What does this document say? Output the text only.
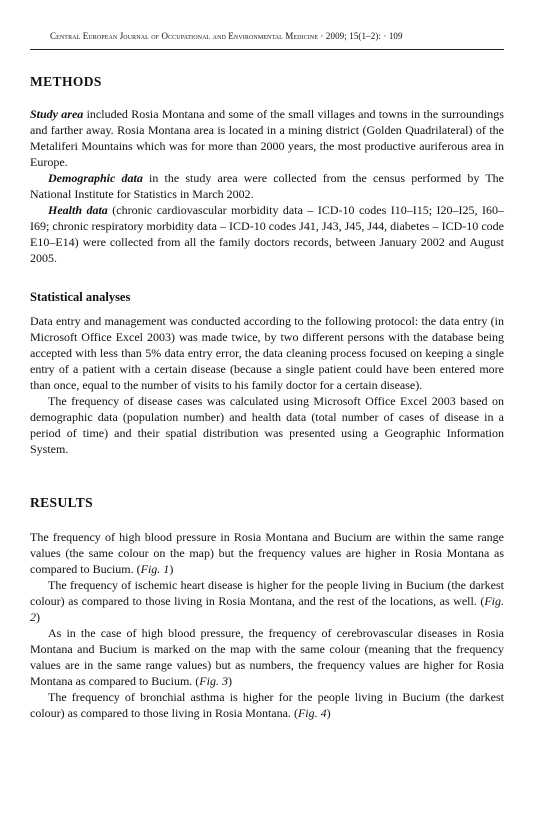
Central European Journal of Occupational and Environmental Medicine · 2009; 15(1–2): · 109
METHODS

Study area included Rosia Montana and some of the small villages and towns in the surroundings and farther away. Rosia Montana area is located in a mining district (Golden Quadrilateral) of the Metaliferi Mountains which was for more than 2000 years, the most productive auriferous area in Europe.

Demographic data in the study area were collected from the census performed by The National Institute for Statistics in March 2002.

Health data (chronic cardiovascular morbidity data – ICD-10 codes I10–I15; I20–I25, I60–I69; chronic respiratory morbidity data – ICD-10 codes J41, J43, J45, J44, diabetes – ICD-10 code E10–E14) were collected from all the family doctors records, between January 2002 and August 2005.

Statistical analyses

Data entry and management was conducted according to the following protocol: the data entry (in Microsoft Office Excel 2003) was made twice, by two different persons with the database being accepted with less than 5% data entry error, the data cleaning process focused on keeping a single entry of a patient with a certain disease (because a single patient could have been entered more than once, equal to the number of visits to his family doctor for a certain disease).

The frequency of disease cases was calculated using Microsoft Office Excel 2003 based on demographic data (population number) and health data (total number of cases of disease in a period of time) and their spatial distribution was presented using a Geographic Information System.

RESULTS

The frequency of high blood pressure in Rosia Montana and Bucium are within the same range values (the same colour on the map) but the frequency values are higher in Rosia Montana as compared to Bucium. (Fig. 1)

The frequency of ischemic heart disease is higher for the people living in Bucium (the darkest colour) as compared to those living in Rosia Montana, and the rest of the locations, as well. (Fig. 2)

As in the case of high blood pressure, the frequency of cerebrovascular diseases in Rosia Montana and Bucium is marked on the map with the same colour (meaning that the frequency values are in the same range values) but as numbers, the frequency values are higher for Rosia Montana as compared to Bucium. (Fig. 3)

The frequency of bronchial asthma is higher for the people living in Bucium (the darkest colour) as compared to those living in Rosia Montana. (Fig. 4)
